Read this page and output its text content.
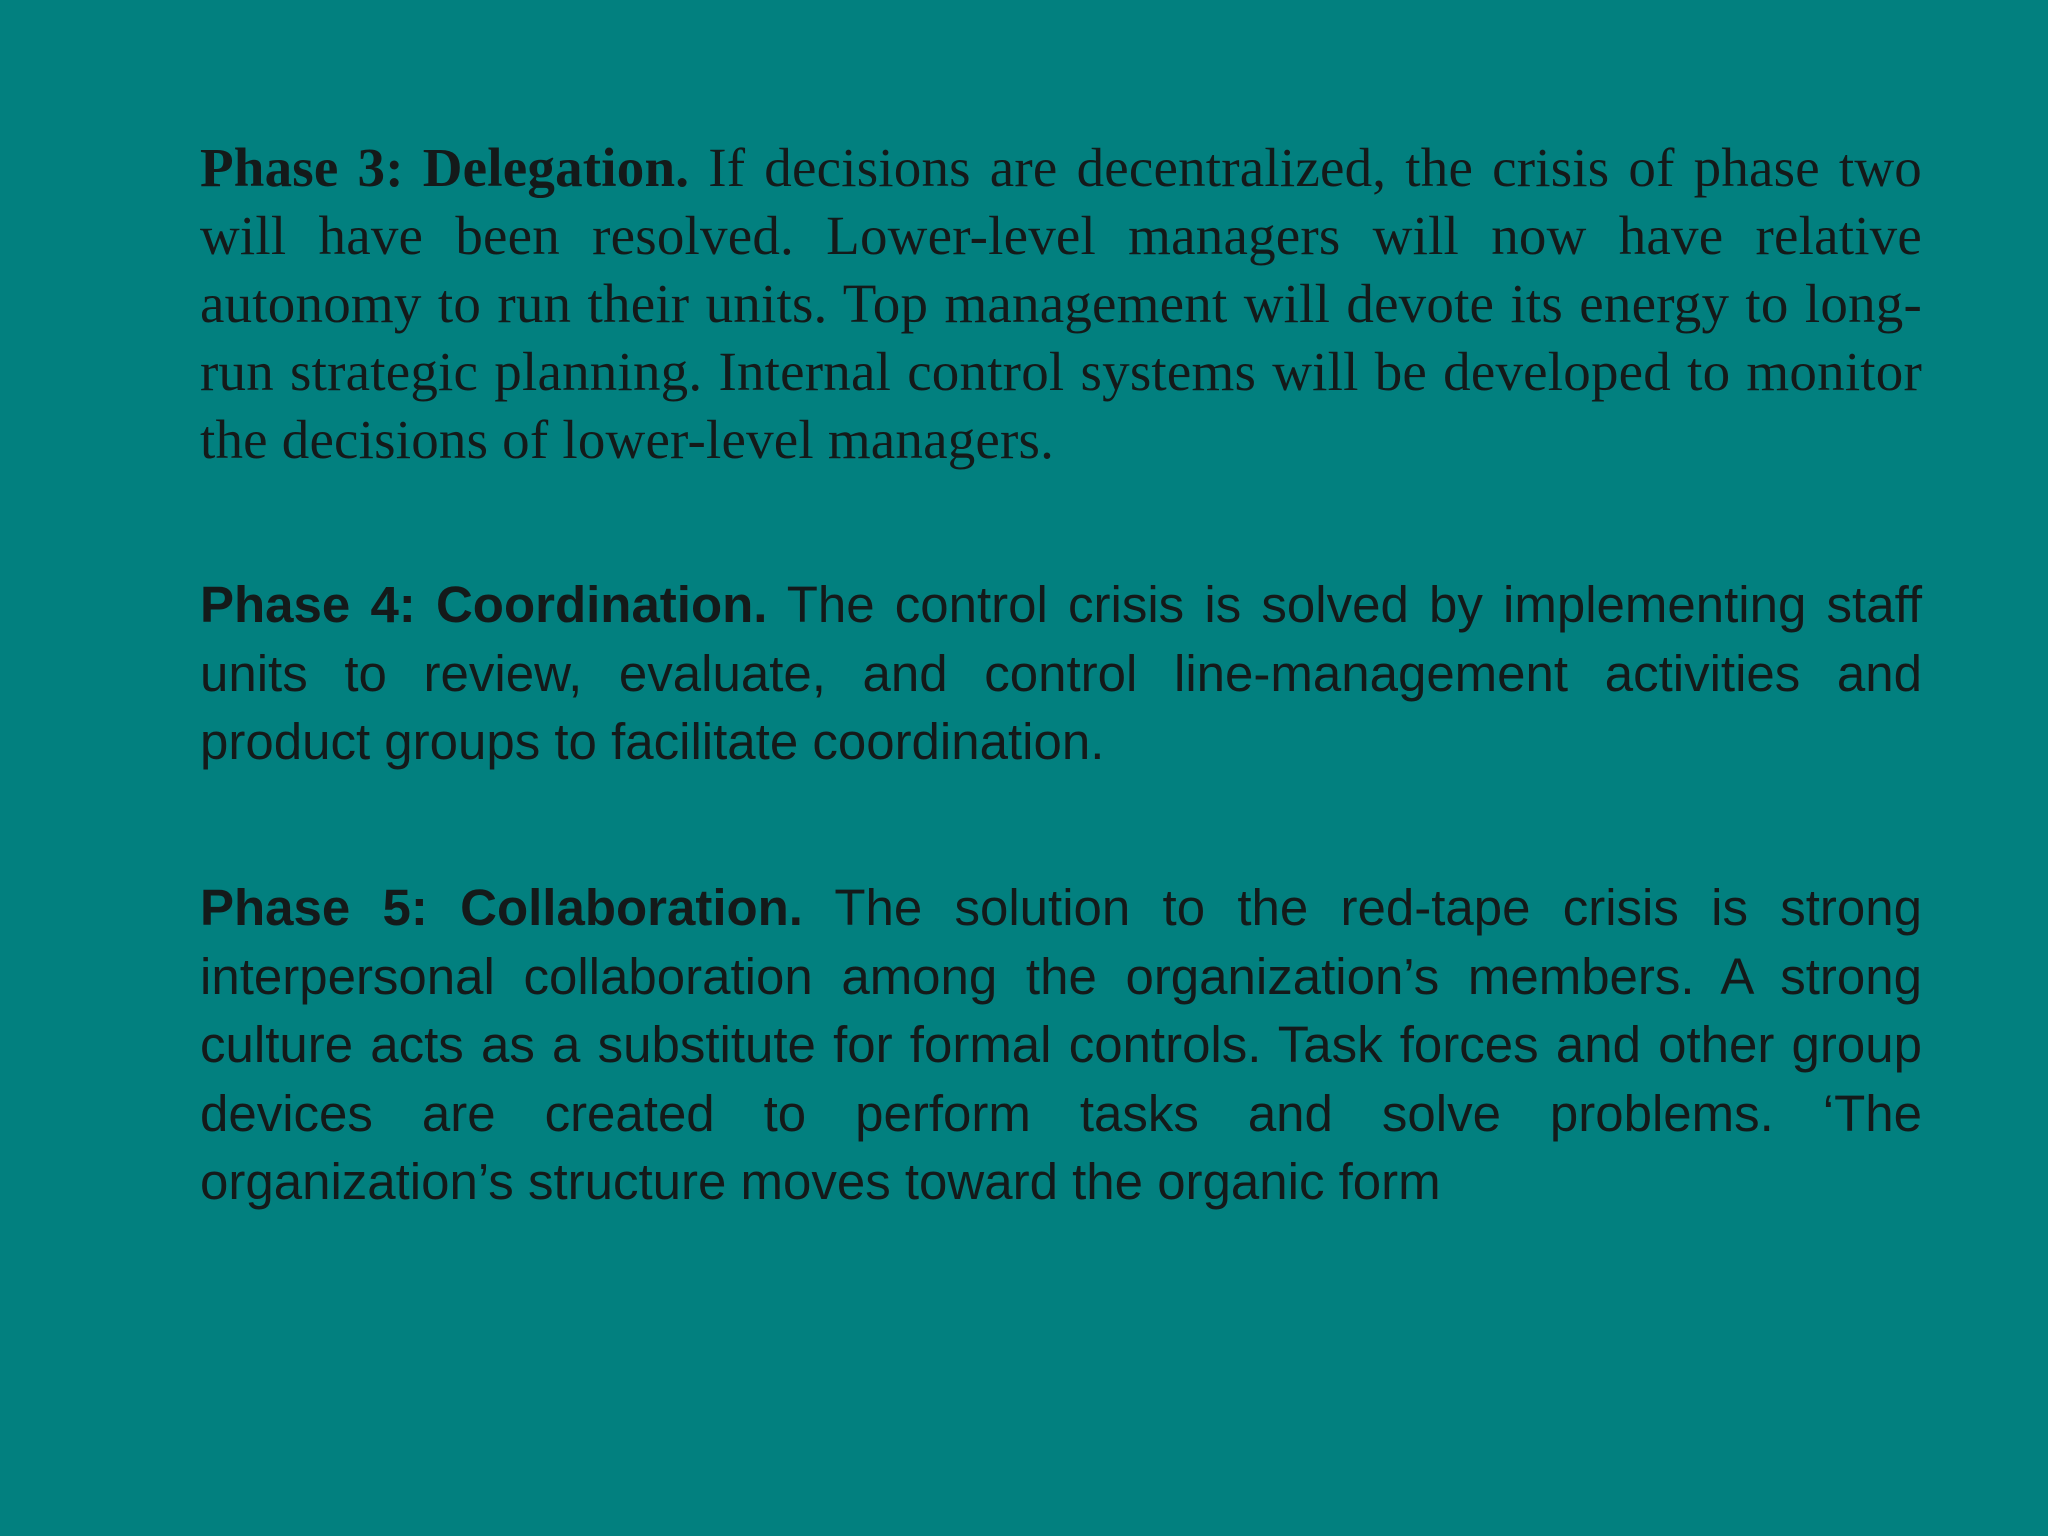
Phase 3: Delegation. If decisions are decentralized, the crisis of phase two will have been resolved. Lower-level managers will now have relative autonomy to run their units. Top management will devote its energy to long-run strategic planning. Internal control systems will be developed to monitor the decisions of lower-level managers.

Phase 4: Coordination. The control crisis is solved by implementing staff units to review, evaluate, and control line-management activities and product groups to facilitate coordination.

Phase 5: Collaboration. The solution to the red-tape crisis is strong interpersonal collaboration among the organization’s members. A strong culture acts as a substitute for formal controls. Task forces and other group devices are created to perform tasks and solve problems. ‘The organization’s structure moves toward the organic form
